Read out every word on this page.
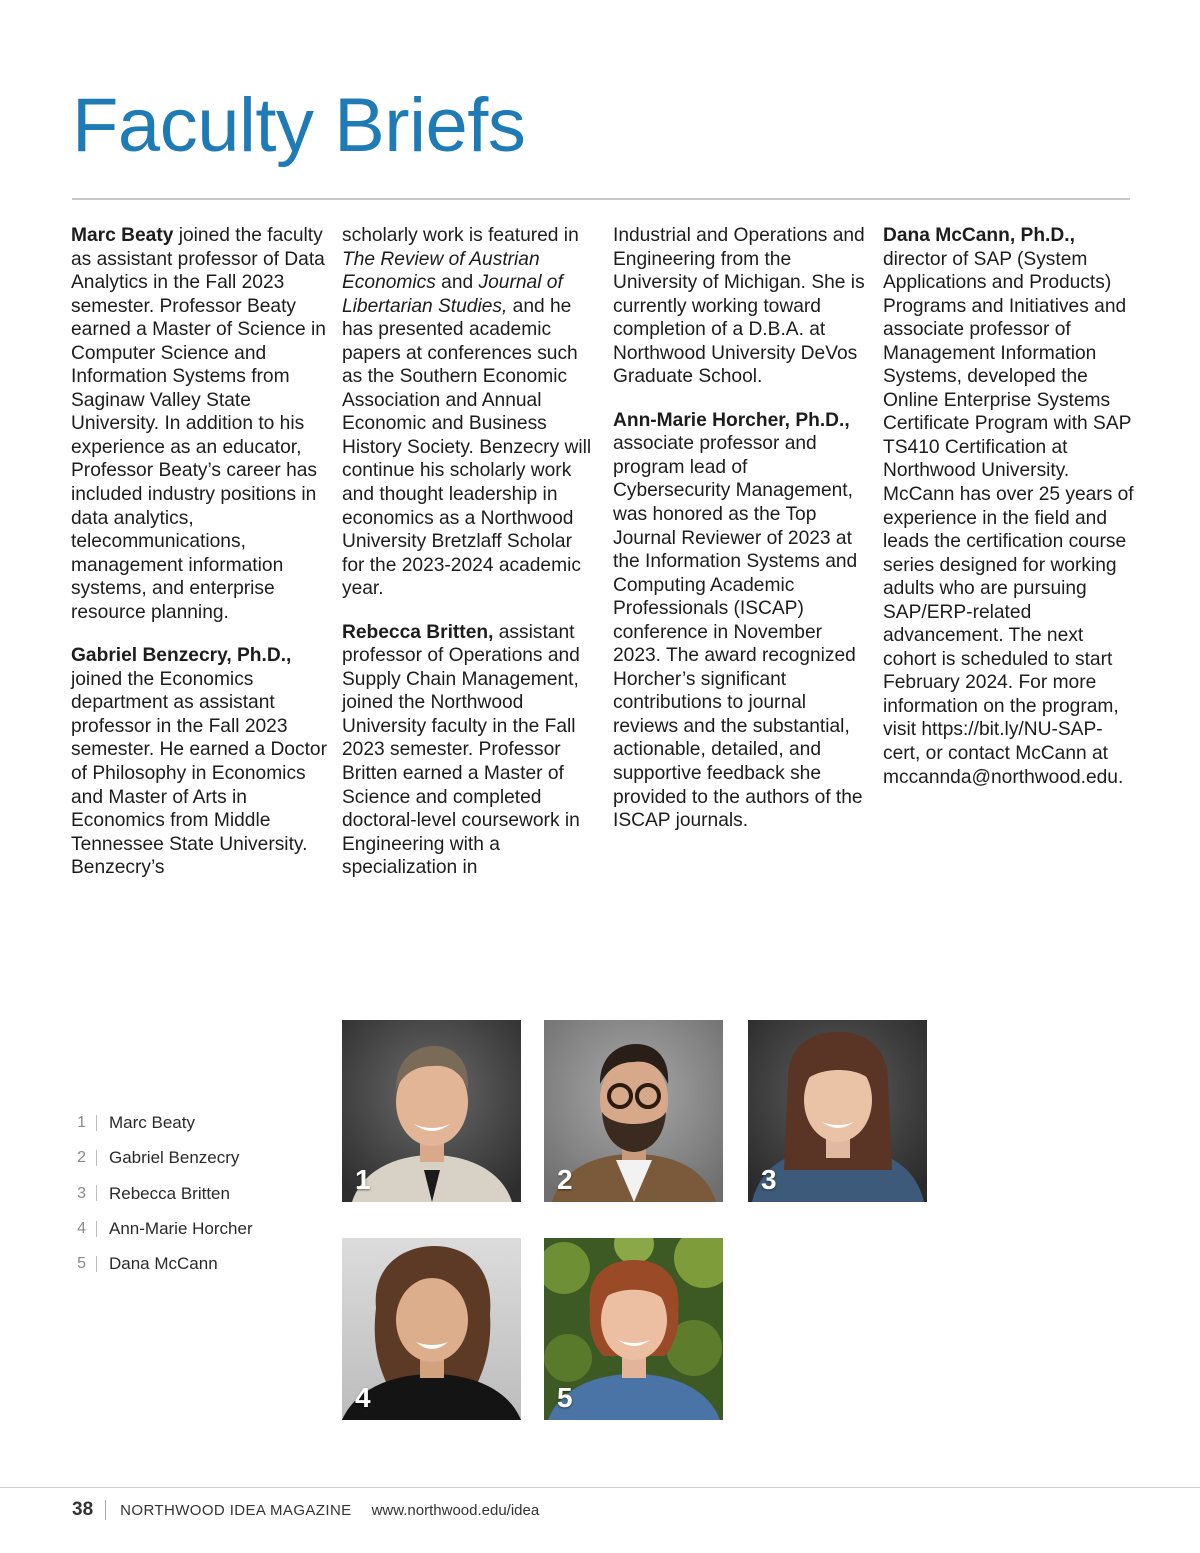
Faculty Briefs

Marc Beaty joined the faculty as assistant professor of Data Analytics in the Fall 2023 semester. Professor Beaty earned a Master of Science in Computer Science and Information Systems from Saginaw Valley State University. In addition to his experience as an educator, Professor Beaty’s career has included industry positions in data analytics, telecommunications, management information systems, and enterprise resource planning.

Gabriel Benzecry, Ph.D., joined the Economics department as assistant professor in the Fall 2023 semester. He earned a Doctor of Philosophy in Economics and Master of Arts in Economics from Middle Tennessee State University. Benzecry’s

scholarly work is featured in The Review of Austrian Economics and Journal of Libertarian Studies, and he has presented academic papers at conferences such as the Southern Economic Association and Annual Economic and Business History Society. Benzecry will continue his scholarly work and thought leadership in economics as a Northwood University Bretzlaff Scholar for the 2023-2024 academic year.

Rebecca Britten, assistant professor of Operations and Supply Chain Management, joined the Northwood University faculty in the Fall 2023 semester. Professor Britten earned a Master of Science and completed doctoral-level coursework in Engineering with a specialization in

Industrial and Operations and Engineering from the University of Michigan. She is currently working toward completion of a D.B.A. at Northwood University DeVos Graduate School.

Ann-Marie Horcher, Ph.D., associate professor and program lead of Cybersecurity Management, was honored as the Top Journal Reviewer of 2023 at the Information Systems and Computing Academic Professionals (ISCAP) conference in November 2023. The award recognized Horcher’s significant contributions to journal reviews and the substantial, actionable, detailed, and supportive feedback she provided to the authors of the ISCAP journals.

Dana McCann, Ph.D., director of SAP (System Applications and Products) Programs and Initiatives and associate professor of Management Information Systems, developed the Online Enterprise Systems Certificate Program with SAP TS410 Certification at Northwood University. McCann has over 25 years of experience in the field and leads the certification course series designed for working adults who are pursuing SAP/ERP-related advancement. The next cohort is scheduled to start February 2024. For more information on the program, visit https://bit.ly/NU-SAP-cert, or contact McCann at mccannda@northwood.edu.

1 Marc Beaty
2 Gabriel Benzecry
3 Rebecca Britten
4 Ann-Marie Horcher
5 Dana McCann
1	2	3
4	5
38 NORTHWOOD IDEA MAGAZINE www.northwood.edu/idea
